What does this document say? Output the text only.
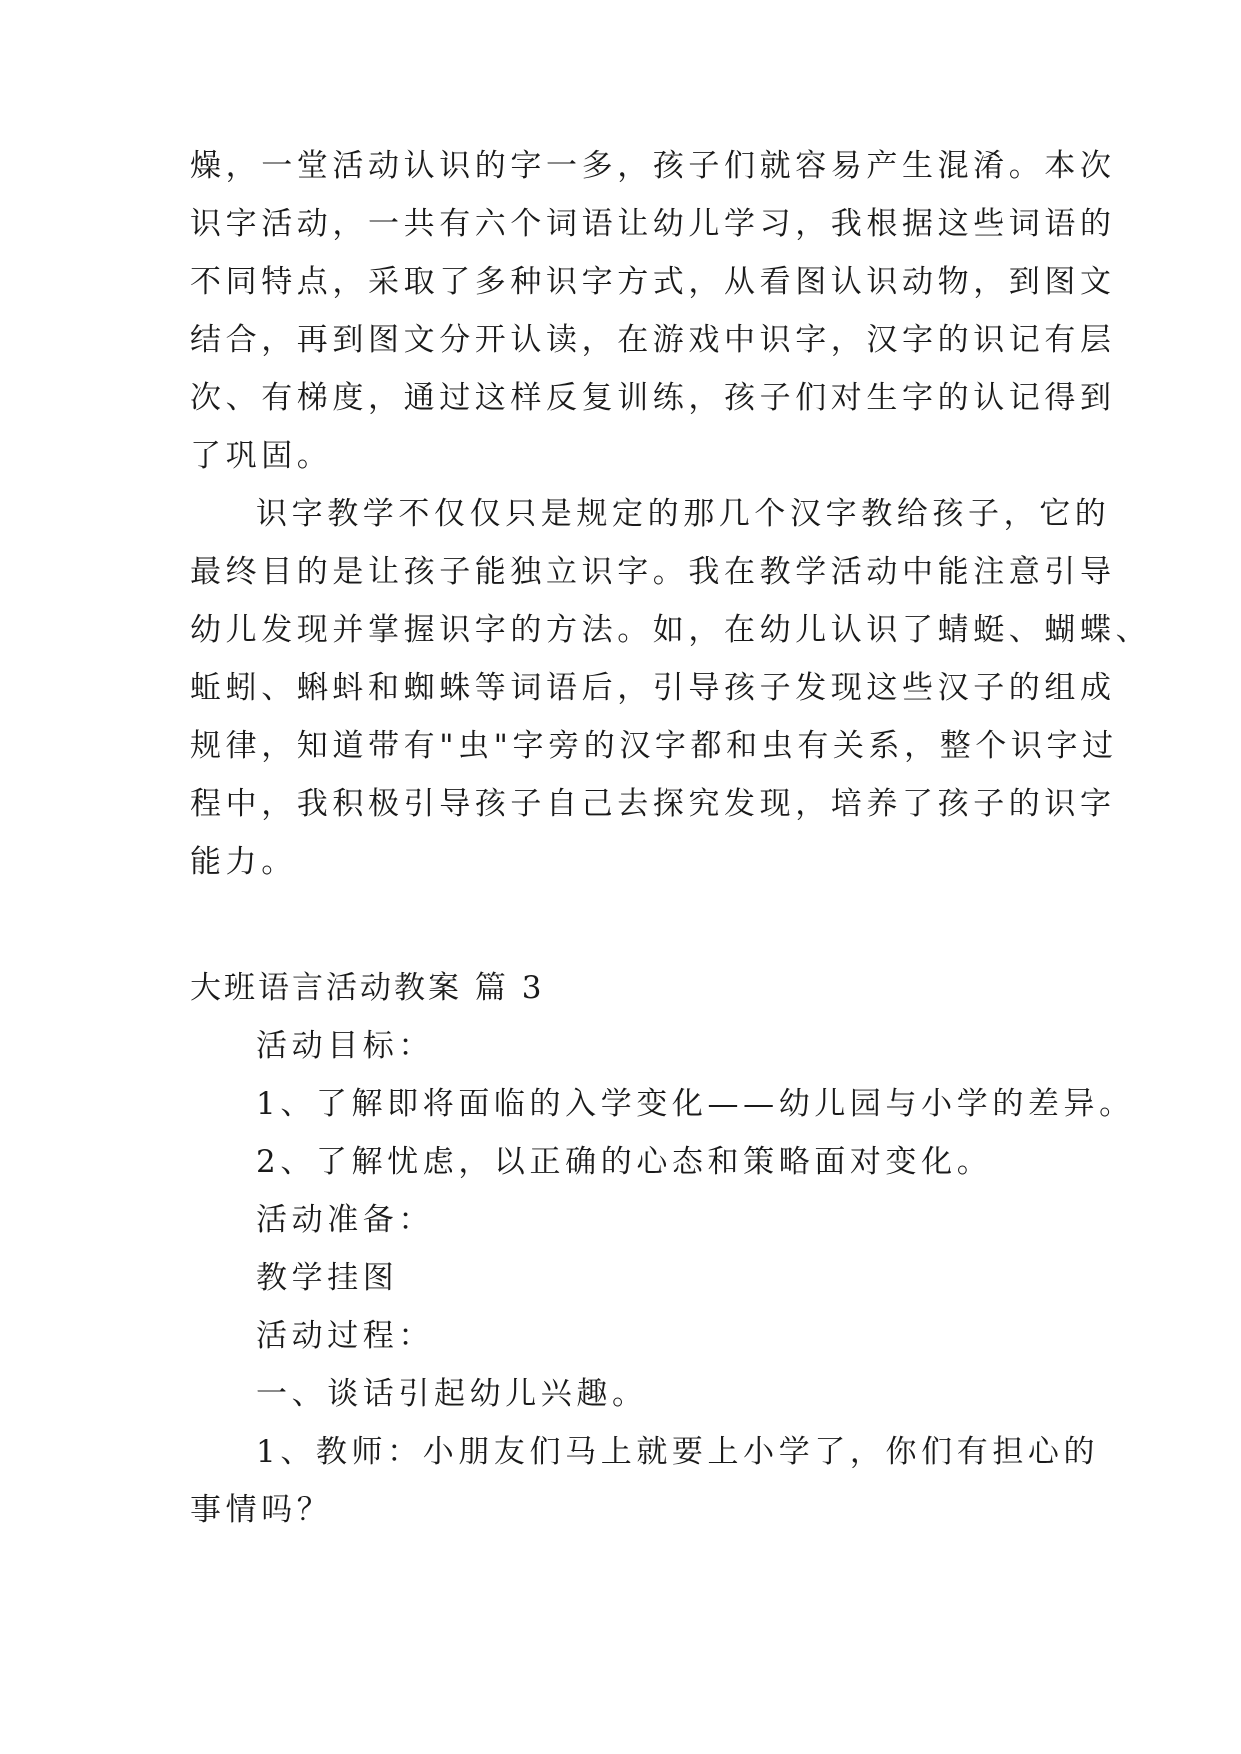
燥，一堂活动认识的字一多，孩子们就容易产生混淆。本次
识字活动，一共有六个词语让幼儿学习，我根据这些词语的
不同特点，采取了多种识字方式，从看图认识动物，到图文
结合，再到图文分开认读，在游戏中识字，汉字的识记有层
次、有梯度，通过这样反复训练，孩子们对生字的认记得到
了巩固。
识字教学不仅仅只是规定的那几个汉字教给孩子，它的
最终目的是让孩子能独立识字。我在教学活动中能注意引导
幼儿发现并掌握识字的方法。如，在幼儿认识了蜻蜓、蝴蝶、
蚯蚓、蝌蚪和蜘蛛等词语后，引导孩子发现这些汉子的组成
规律，知道带有"虫"字旁的汉字都和虫有关系，整个识字过
程中，我积极引导孩子自己去探究发现，培养了孩子的识字
能力。
大班语言活动教案 篇 3
活动目标：
1、了解即将面临的入学变化——幼儿园与小学的差异。
2、了解忧虑，以正确的心态和策略面对变化。
活动准备：
教学挂图
活动过程：
一、谈话引起幼儿兴趣。
1、教师：小朋友们马上就要上小学了，你们有担心的
事情吗？
